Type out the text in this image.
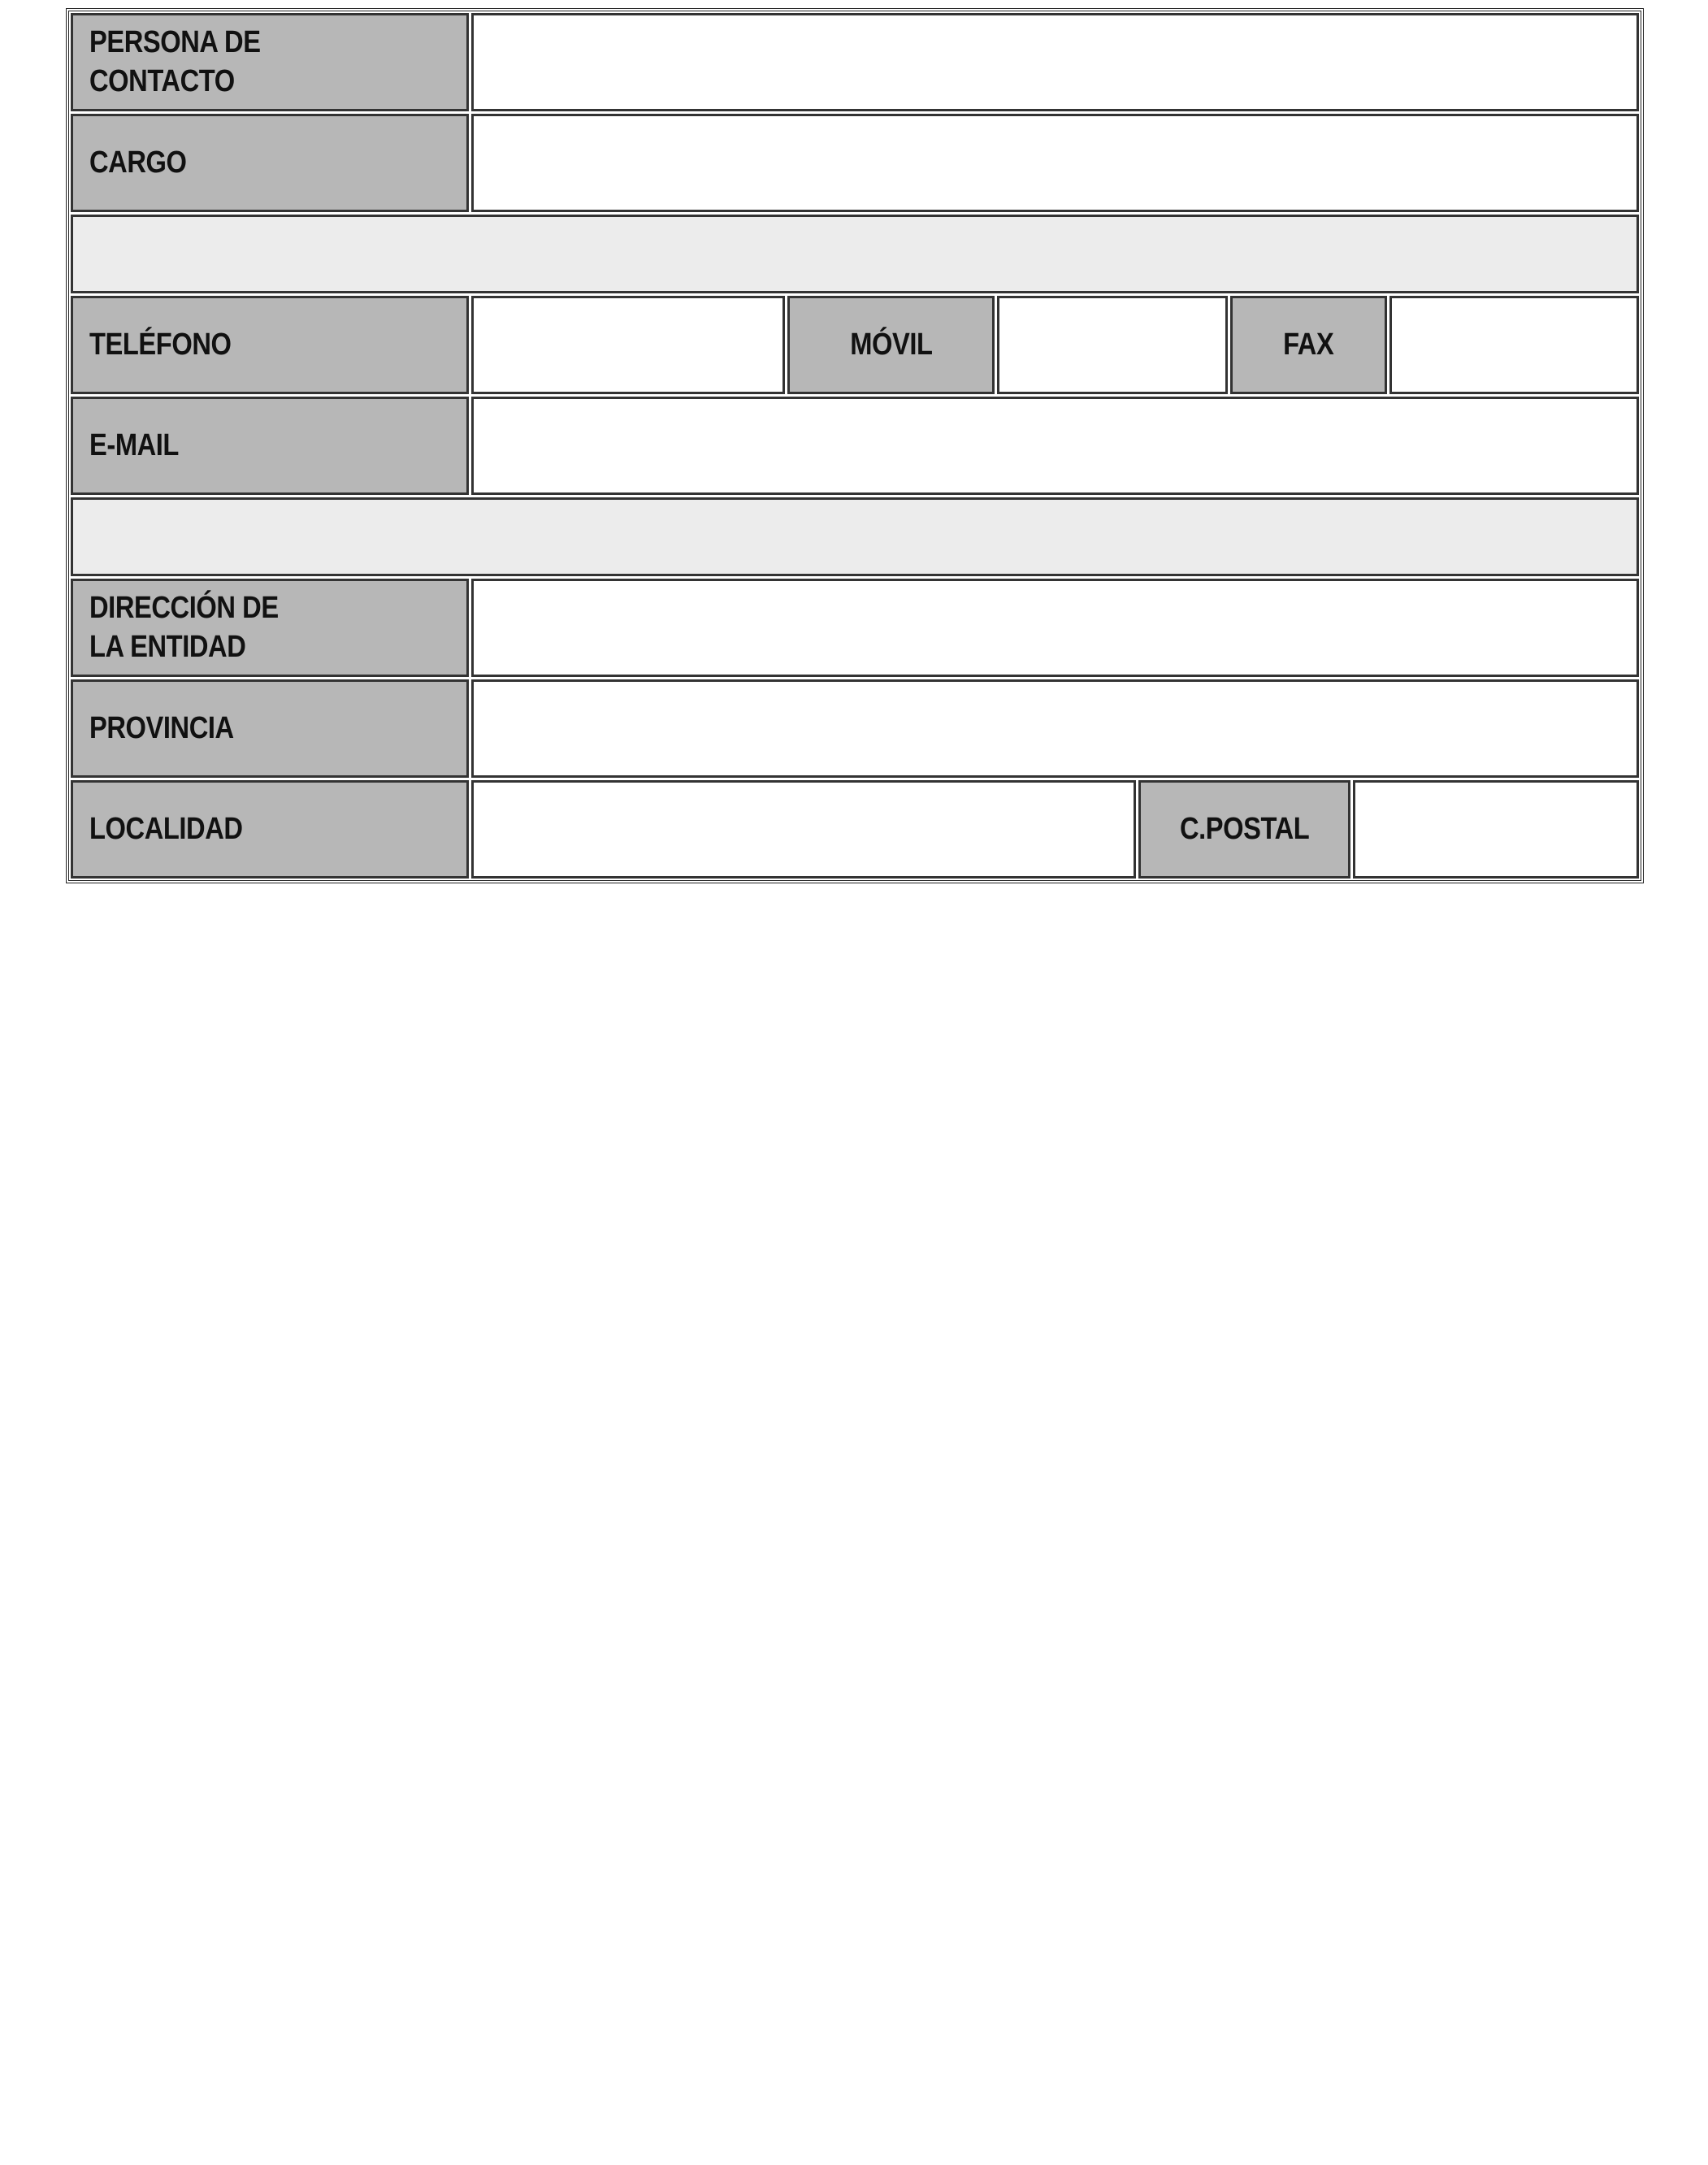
PERSONA DE CONTACTO
CARGO
TELÉFONO	MÓVIL	FAX
E-MAIL
DIRECCIÓN DE LA ENTIDAD
PROVINCIA
LOCALIDAD	C.POSTAL
